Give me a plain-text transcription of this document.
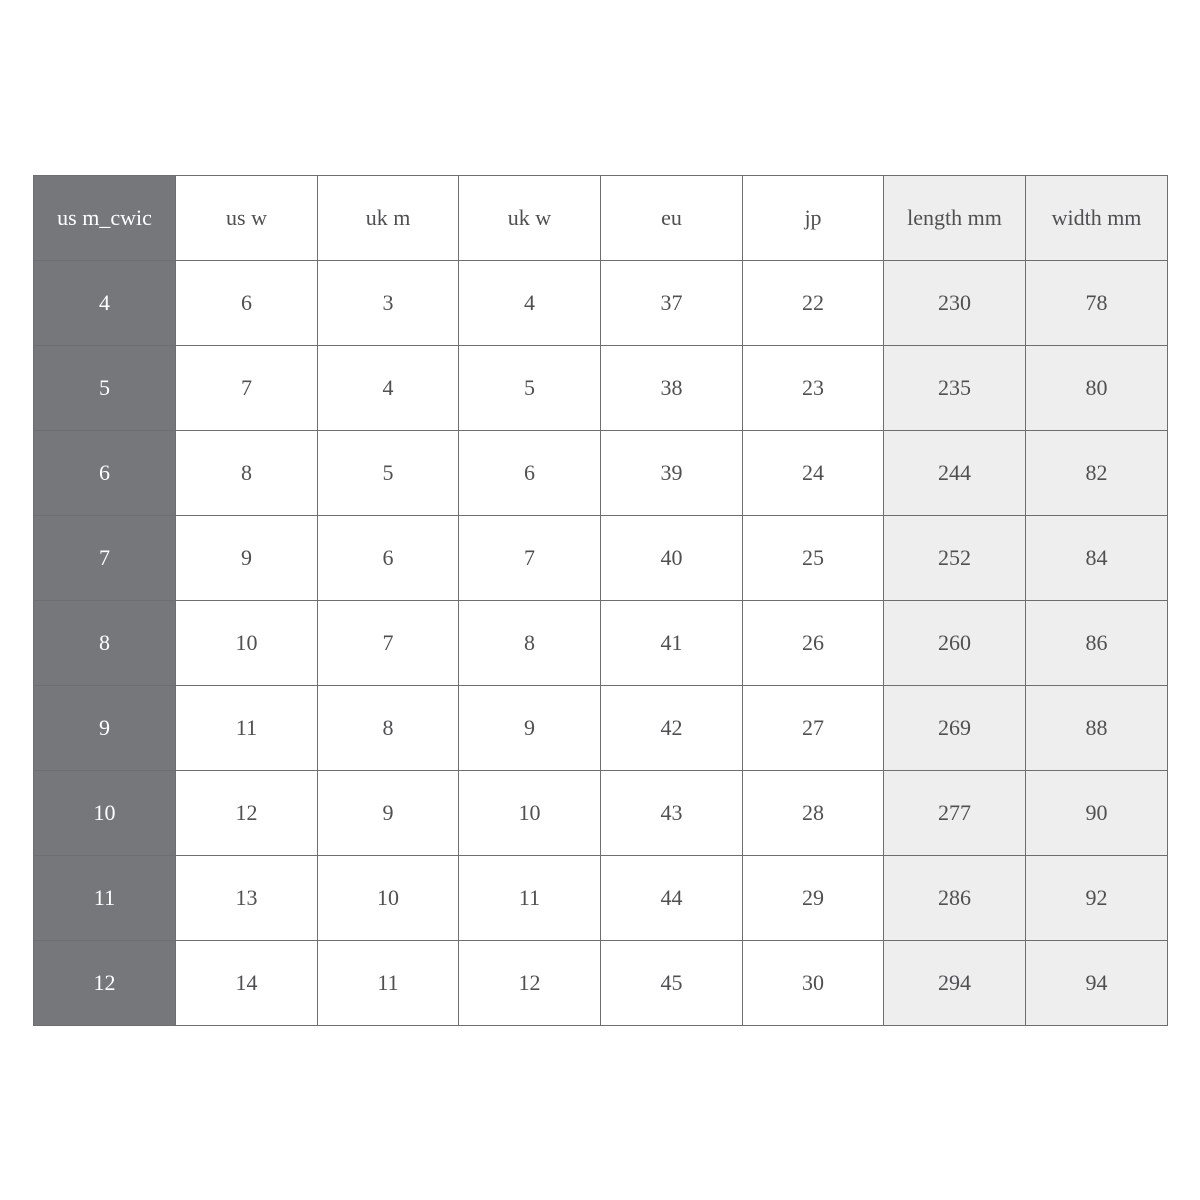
us m_cwic	us w	uk m	uk w	eu	jp	length mm	width mm
4	6	3	4	37	22	230	78
5	7	4	5	38	23	235	80
6	8	5	6	39	24	244	82
7	9	6	7	40	25	252	84
8	10	7	8	41	26	260	86
9	11	8	9	42	27	269	88
10	12	9	10	43	28	277	90
11	13	10	11	44	29	286	92
12	14	11	12	45	30	294	94
